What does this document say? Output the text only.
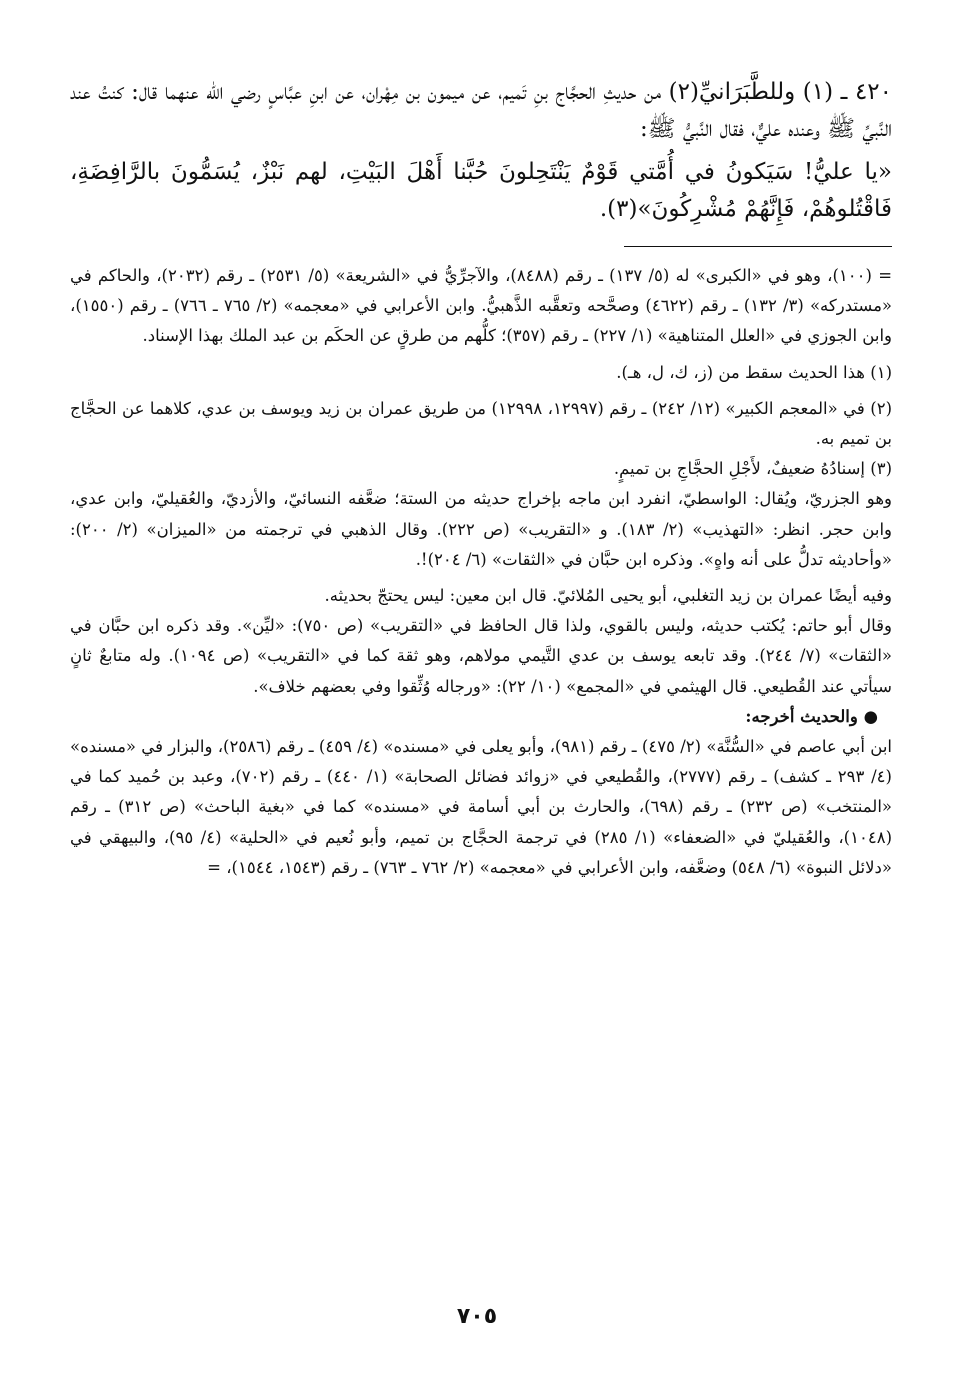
٤٢٠ ـ (١) وللطَّبَرَانيِّ(٢) من حديثِ الحجَّاج بنِ تَميم، عن ميمون بن مِهْران، عن ابنِ عبَّاسٍ رضي الله عنهما قال: كنتُ عند النَّبيِّ ﷺ وعنده عليٌّ، فقال النَّبيُّ ﷺ:

«يا عليُّ! سَيَكونُ في أُمَّتي قَوْمٌ يَنْتَحِلونَ حُبَّنا أَهْلَ البَيْتِ، لهم نَبْزٌ، يُسَمُّونَ بالرَّافِضَةِ، فَاقْتُلوهُمْ، فَإِنَّهُمْ مُشْرِكُونَ»(٣).

= (١٠٠)، وهو في «الكبرى» له (٥/ ١٣٧) ـ رقم (٨٤٨٨)، والآجرِّيُّ في «الشريعة» (٥/ ٢٥٣١) ـ رقم (٢٠٣٢)، والحاكم في «مستدركه» (٣/ ١٣٢) ـ رقم (٤٦٢٢) وصحَّحه وتعقَّبه الذَّهبيُّ. وابن الأعرابي في «معجمه» (٢/ ٧٦٥ ـ ٧٦٦) ـ رقم (١٥٥٠)، وابن الجوزي في «العلل المتناهية» (١/ ٢٢٧) ـ رقم (٣٥٧)؛ كلُّهم من طرقٍ عن الحكَم بن عبد الملك بهذا الإسناد.

(١) هذا الحديث سقط من (ز، ك، ل، هـ).

(٢) في «المعجم الكبير» (١٢/ ٢٤٢) ـ رقم (١٢٩٩٧، ١٢٩٩٨) من طريق عمران بن زيد ويوسف بن عدي، كلاهما عن الحجَّاج بن تميم به.

(٣) إسنادُهُ ضعيفٌ، لأَجْلِ الحجَّاجِ بن تميمٍ.

وهو الجزريّ، ويُقال: الواسطيّ، انفرد ابن ماجه بإخراج حديثه من الستة؛ ضعَّفه النسائيّ، والأزديّ، والعُقيليّ، وابن عدي، وابن حجر. انظر: «التهذيب» (٢/ ١٨٣). و «التقريب» (ص ٢٢٢). وقال الذهبي في ترجمته من «الميزان» (٢/ ٢٠٠): «وأحاديثه تدلُّ على أنه واهٍ». وذكره ابن حبَّان في «الثقات» (٦/ ٢٠٤)!.

وفيه أيضًا عمران بن زيد التغلبي، أبو يحيى المُلائيّ. قال ابن معين: ليس يحتجّ بحديثه.

وقال أبو حاتم: يُكتب حديثه، وليس بالقوي، ولذا قال الحافظ في «التقريب» (ص ٧٥٠): «ليِّن». وقد ذكره ابن حبَّان في «الثقات» (٧/ ٢٤٤). وقد تابعه يوسف بن عدي التَّيمي مولاهم، وهو ثقة كما في «التقريب» (ص ١٠٩٤). وله متابعٌ ثانٍ سيأتي عند القُطيعي. قال الهيثمي في «المجمع» (١٠/ ٢٢): «ورجاله وُثِّقوا وفي بعضهم خلاف».

● والحديث أخرجه:

ابن أبي عاصم في «السُّنَّة» (٢/ ٤٧٥) ـ رقم (٩٨١)، وأبو يعلى في «مسنده» (٤/ ٤٥٩) ـ رقم (٢٥٨٦)، والبزار في «مسنده» (٤/ ٢٩٣ ـ كشف) ـ رقم (٢٧٧٧)، والقُطيعي في «زوائد فضائل الصحابة» (١/ ٤٤٠) ـ رقم (٧٠٢)، وعبد بن حُميد كما في «المنتخب» (ص ٢٣٢) ـ رقم (٦٩٨)، والحارث بن أبي أسامة في «مسنده» كما في «بغية الباحث» (ص ٣١٢) ـ رقم (١٠٤٨)، والعُقيليّ في «الضعفاء» (١/ ٢٨٥) في ترجمة الحجَّاج بن تميم، وأبو نُعيم في «الحلية» (٤/ ٩٥)، والبيهقي في «دلائل النبوة» (٦/ ٥٤٨) وضعَّفه، وابن الأعرابي في «معجمه» (٢/ ٧٦٢ ـ ٧٦٣) ـ رقم (١٥٤٣، ١٥٤٤)، =

٧٠٥
